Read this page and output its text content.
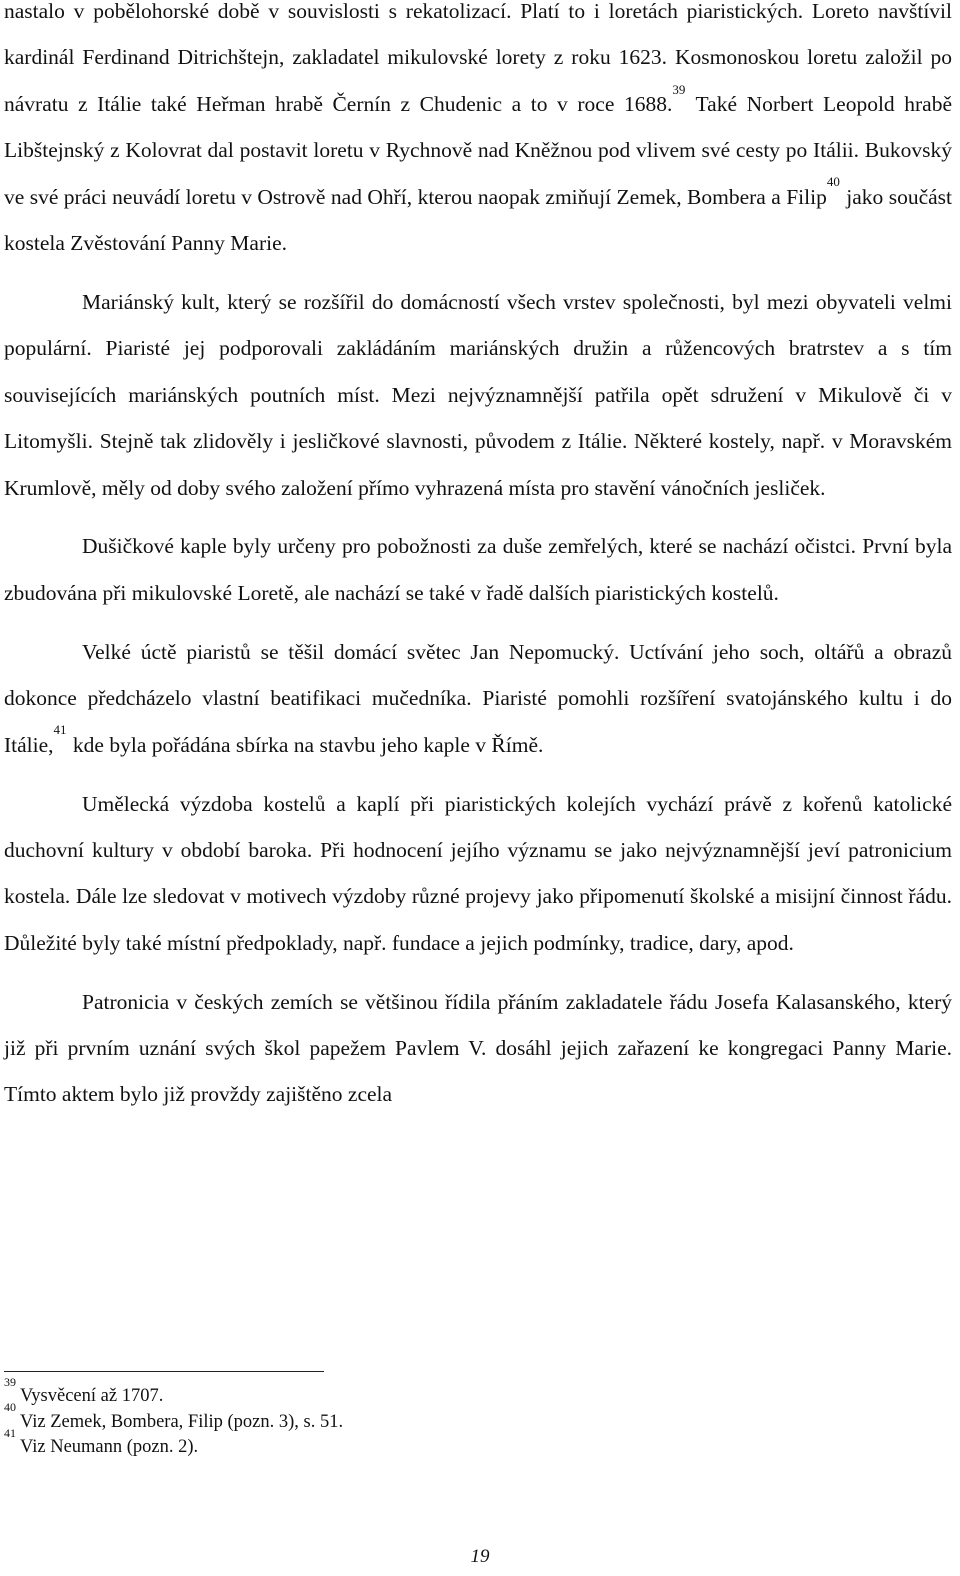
nastalo v pobělohorské době v souvislosti s rekatolizací. Platí to i loretách piaristických. Loreto navštívil kardinál Ferdinand Ditrichštejn, zakladatel mikulovské lorety z roku 1623. Kosmonoskou loretu založil po návratu z Itálie také Heřman hrabě Černín z Chudenic a to v roce 1688.39 Také Norbert Leopold hrabě Libštejnský z Kolovrat dal postavit loretu v Rychnově nad Kněžnou pod vlivem své cesty po Itálii. Bukovský ve své práci neuvádí loretu v Ostrově nad Ohří, kterou naopak zmiňují Zemek, Bombera a Filip$^{40}$ jako součást kostela Zvěstování Panny Marie.

Mariánský kult, který se rozšířil do domácností všech vrstev společnosti, byl mezi obyvateli velmi populární. Piaristé jej podporovali zakládáním mariánských družin a růžencových bratrstev a s tím souvisejících mariánských poutních míst. Mezi nejvýznamnější patřila opět sdružení v Mikulově či v Litomyšli. Stejně tak zlidověly i jesličkové slavnosti, původem z Itálie. Některé kostely, např. v Moravském Krumlově, měly od doby svého založení přímo vyhrazená místa pro stavění vánočních jesliček.

Dušičkové kaple byly určeny pro pobožnosti za duše zemřelých, které se nachází očistci. První byla zbudována při mikulovské Loretě, ale nachází se také v řadě dalších piaristických kostelů.

Velké úctě piaristů se těšil domácí světec Jan Nepomucký. Uctívání jeho soch, oltářů a obrazů dokonce předcházelo vlastní beatifikaci mučedníka. Piaristé pomohli rozšíření svatojánského kultu i do Itálie,$^{41}$ kde byla pořádána sbírka na stavbu jeho kaple v Římě.

Umělecká výzdoba kostelů a kaplí při piaristických kolejích vychází právě z kořenů katolické duchovní kultury v období baroka. Při hodnocení jejího významu se jako nejvýznamnější jeví patronicium kostela. Dále lze sledovat v motivech výzdoby různé projevy jako připomenutí školské a misijní činnost řádu. Důležité byly také místní předpoklady, např. fundace a jejich podmínky, tradice, dary, apod.

Patronicia v českých zemích se většinou řídila přáním zakladatele řádu Josefa Kalasanského, který již při prvním uznání svých škol papežem Pavlem V. dosáhl jejich zařazení ke kongregaci Panny Marie. Tímto aktem bylo již provždy zajištěno zcela

$^{39}$Vysvěcení až 1707.

$^{40}$Viz Zemek, Bombera, Filip (pozn. 3), s. 51.

$^{41}$Viz Neumann (pozn. 2).

19
